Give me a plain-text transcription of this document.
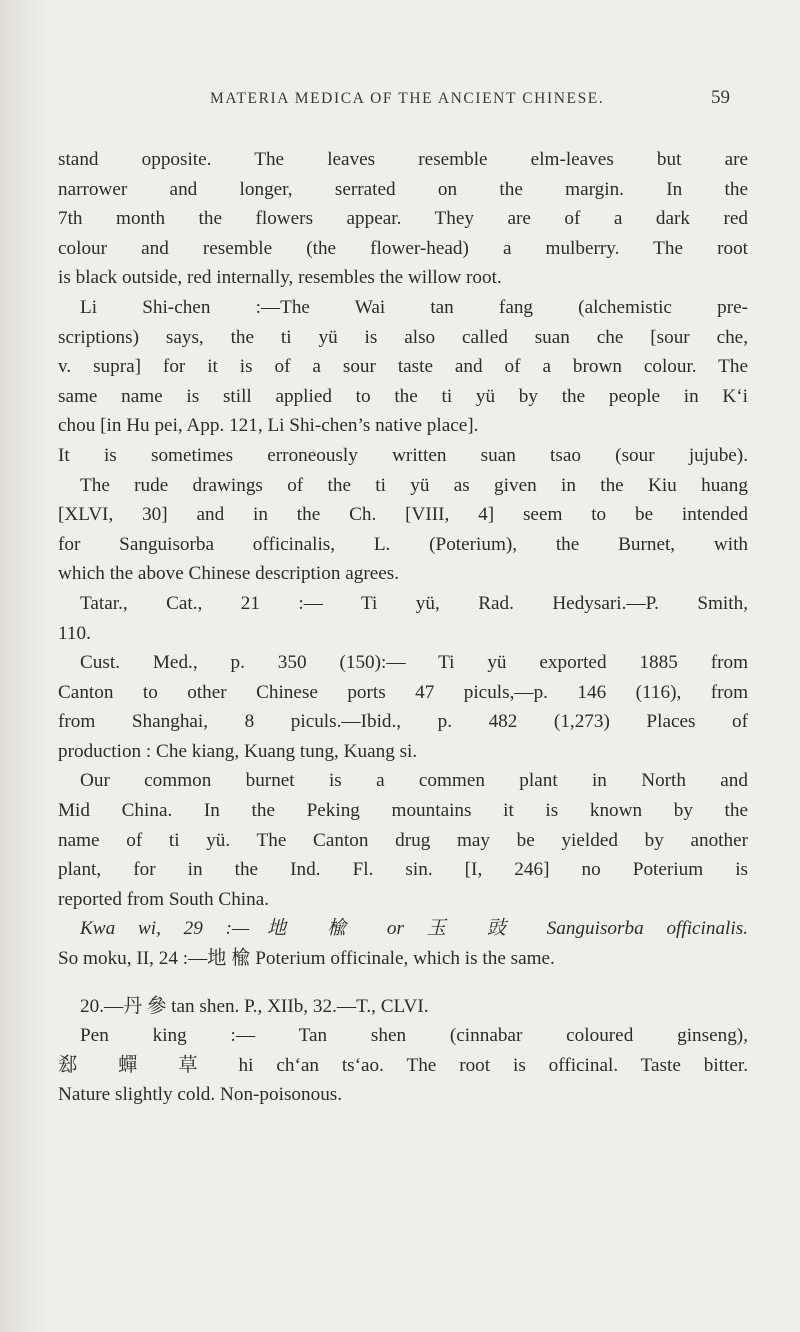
MATERIA MEDICA OF THE ANCIENT CHINESE.	59
stand opposite. The leaves resemble elm-leaves but are
narrower and longer, serrated on the margin. In the
7th month the flowers appear. They are of a dark red
colour and resemble (the flower-head) a mulberry. The root
is black outside, red internally, resembles the willow root.
Li Shi-chen :—The Wai tan fang (alchemistic pre-
scriptions) says, the ti yü is also called suan che [sour che,
v. supra] for it is of a sour taste and of a brown colour. The
same name is still applied to the ti yü by the people in K‘i
chou [in Hu pei, App. 121, Li Shi-chen’s native place].
It is sometimes erroneously written suan tsao (sour jujube).
The rude drawings of the ti yü as given in the Kiu huang
[XLVI, 30] and in the Ch. [VIII, 4] seem to be intended
for Sanguisorba officinalis, L. (Poterium), the Burnet, with
which the above Chinese description agrees.
Tatar., Cat., 21 :— Ti yü, Rad. Hedysari.—P. Smith,
110.
Cust. Med., p. 350 (150):— Ti yü exported 1885 from
Canton to other Chinese ports 47 piculs,—p. 146 (116), from
from Shanghai, 8 piculs.—Ibid., p. 482 (1,273) Places of
production : Che kiang, Kuang tung, Kuang si.
Our common burnet is a commen plant in North and
Mid China. In the Peking mountains it is known by the
name of ti yü. The Canton drug may be yielded by another
plant, for in the Ind. Fl. sin. [I, 246] no Poterium is
reported from South China.
Kwa wi, 29 :—地 楡 or 玉 豉 Sanguisorba officinalis.
So moku, II, 24 :—地 楡 Poterium officinale, which is the same.
20.—丹 參 tan shen. P., XIIb, 32.—T., CLVI.
Pen king :— Tan shen (cinnabar coloured ginseng),
郄 蟬 草 hi ch‘an ts‘ao. The root is officinal. Taste bitter.
Nature slightly cold. Non-poisonous.
